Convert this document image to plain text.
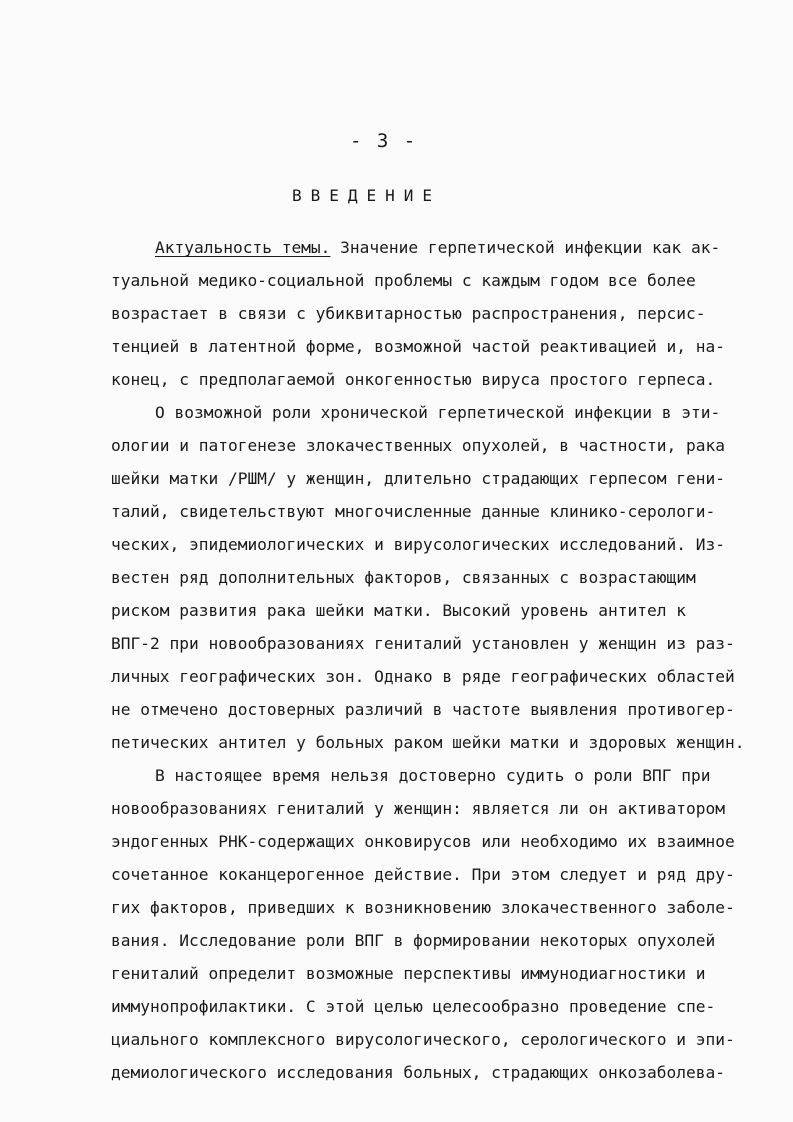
- 3 -
ВВЕДЕНИЕ
Актуальность темы. Значение герпетической инфекции как ак-
туальной медико-социальной проблемы с каждым годом все более
возрастает в связи с убиквитарностью распространения, персис-
тенцией в латентной форме, возможной частой реактивацией и, на-
конец, с предполагаемой онкогенностью вируса простого герпеса.
О возможной роли хронической герпетической инфекции в эти-
ологии и патогенезе злокачественных опухолей, в частности, рака
шейки матки /РШМ/ у женщин, длительно страдающих герпесом гени-
талий, свидетельствуют многочисленные данные клинико-серологи-
ческих, эпидемиологических и вирусологических исследований. Из-
вестен ряд дополнительных факторов, связанных с возрастающим
риском развития рака шейки матки. Высокий уровень антител к
ВПГ-2 при новообразованиях гениталий установлен у женщин из раз-
личных географических зон. Однако в ряде географических областей
не отмечено достоверных различий в частоте выявления противогер-
петических антител у больных раком шейки матки и здоровых женщин.
В настоящее время нельзя достоверно судить о роли ВПГ при
новообразованиях гениталий у женщин: является ли он активатором
эндогенных РНК-содержащих онковирусов или необходимо их взаимное
сочетанное коканцерогенное действие. При этом следует и ряд дру-
гих факторов, приведших к возникновению злокачественного заболе-
вания. Исследование роли ВПГ в формировании некоторых опухолей
гениталий определит возможные перспективы иммунодиагностики и
иммунопрофилактики. С этой целью целесообразно проведение спе-
циального комплексного вирусологического, серологического и эпи-
демиологического исследования больных, страдающих онкозаболева-
